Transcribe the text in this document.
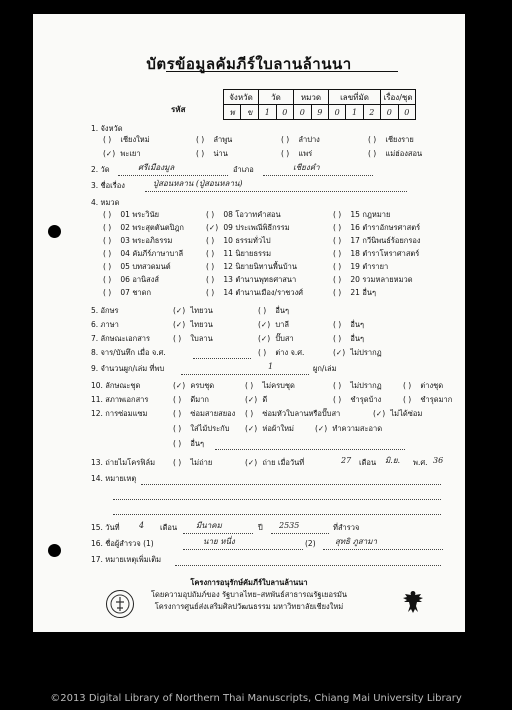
บัตรข้อมูลคัมภีร์ใบลานล้านนา
จังหวัด		วัด		หมวด		เลขที่มัด			เรื่อง/ชุด	
พ	ข	1	0	0	9	0	1	2	0	0
รหัส
1. จังหวัด
( ) เชียงใหม่	( ) ลำพูน	( ) ลำปาง	( ) เชียงราย
(✓) พะเยา	( ) น่าน	( ) แพร่	( ) แม่ฮ่องสอน
2. วัด	ศรีเมืองมูล	อำเภอ	เชียงคำ
3. ชื่อเรื่อง	ปู่สอนหลาน (ปู่สอนหลาน)
4. หมวด
( ) 01 พระวินัย	( ) 08 โอวาทคำสอน	( ) 15 กฎหมาย
( ) 02 พระสุตตันตปิฎก	(✓) 09 ประเพณีพิธีกรรม	( ) 16 ตำราอักษรศาสตร์
( ) 03 พระอภิธรรม	( ) 10 ธรรมทั่วไป	( ) 17 กวีนิพนธ์ร้อยกรอง
( ) 04 คัมภีร์ภาษาบาลี	( ) 11 นิยายธรรม	( ) 18 ตำราโหราศาสตร์
( ) 05 บทสวดมนต์	( ) 12 นิยายนิทานพื้นบ้าน	( ) 19 ตำรายา
( ) 06 อานิสงส์	( ) 13 ตำนานพุทธศาสนา	( ) 20 รวมหลายหมวด
( ) 07 ชาดก	( ) 14 ตำนานเมือง/ราชวงศ์	( ) 21 อื่นๆ
5. อักษร	(✓) ไทยวน	( ) อื่นๆ
6. ภาษา	(✓) ไทยวน	(✓) บาลี	( ) อื่นๆ
7. ลักษณะเอกสาร	( ) ใบลาน	(✓) ปั๊บสา	( ) อื่นๆ
8. จาร/บันทึก เมื่อ จ.ศ.	( ) ต่าง จ.ศ.	(✓) ไม่ปรากฏ
9. จำนวนผูก/เล่ม ที่พบ	1	ผูก/เล่ม
10. ลักษณะชุด	(✓) ครบชุด	( ) ไม่ครบชุด	( ) ไม่ปรากฏ	( ) ต่างชุด
11. สภาพเอกสาร	( ) ดีมาก	(✓) ดี	( ) ชำรุดบ้าง	( ) ชำรุดมาก
12. การซ่อมแซม	( ) ซ่อมสายสยอง ( ) ซ่อมหัวใบลานหรือปั๊บสา	(✓) ไม่ได้ซ่อม
( ) ใส่ไม้ประกับ (✓) ห่อผ้าใหม่	(✓) ทำความสะอาด
( ) อื่นๆ
13. ถ่ายไมโครฟิล์ม ( ) ไม่ถ่าย	(✓) ถ่าย เมื่อวันที่	27 เดือน มิ.ย. พ.ศ. 36
14. หมายเหตุ
15. วันที่ 4 เดือน มีนาคม	ปี 2535	ที่สำรวจ
16. ชื่อผู้สำรวจ (1)	นาย หนึ่ง	(2) สุทธิ ภูสามา
17. หมายเหตุเพิ่มเติม
โครงการอนุรักษ์คัมภีร์ใบลานล้านนา
โดยความอุปถัมภ์ของ รัฐบาลไทย–สหพันธ์สาธารณรัฐเยอรมัน
โครงการศูนย์ส่งเสริมศิลปวัฒนธรรม มหาวิทยาลัยเชียงใหม่
©2013 Digital Library of Northern Thai Manuscripts, Chiang Mai University Library
